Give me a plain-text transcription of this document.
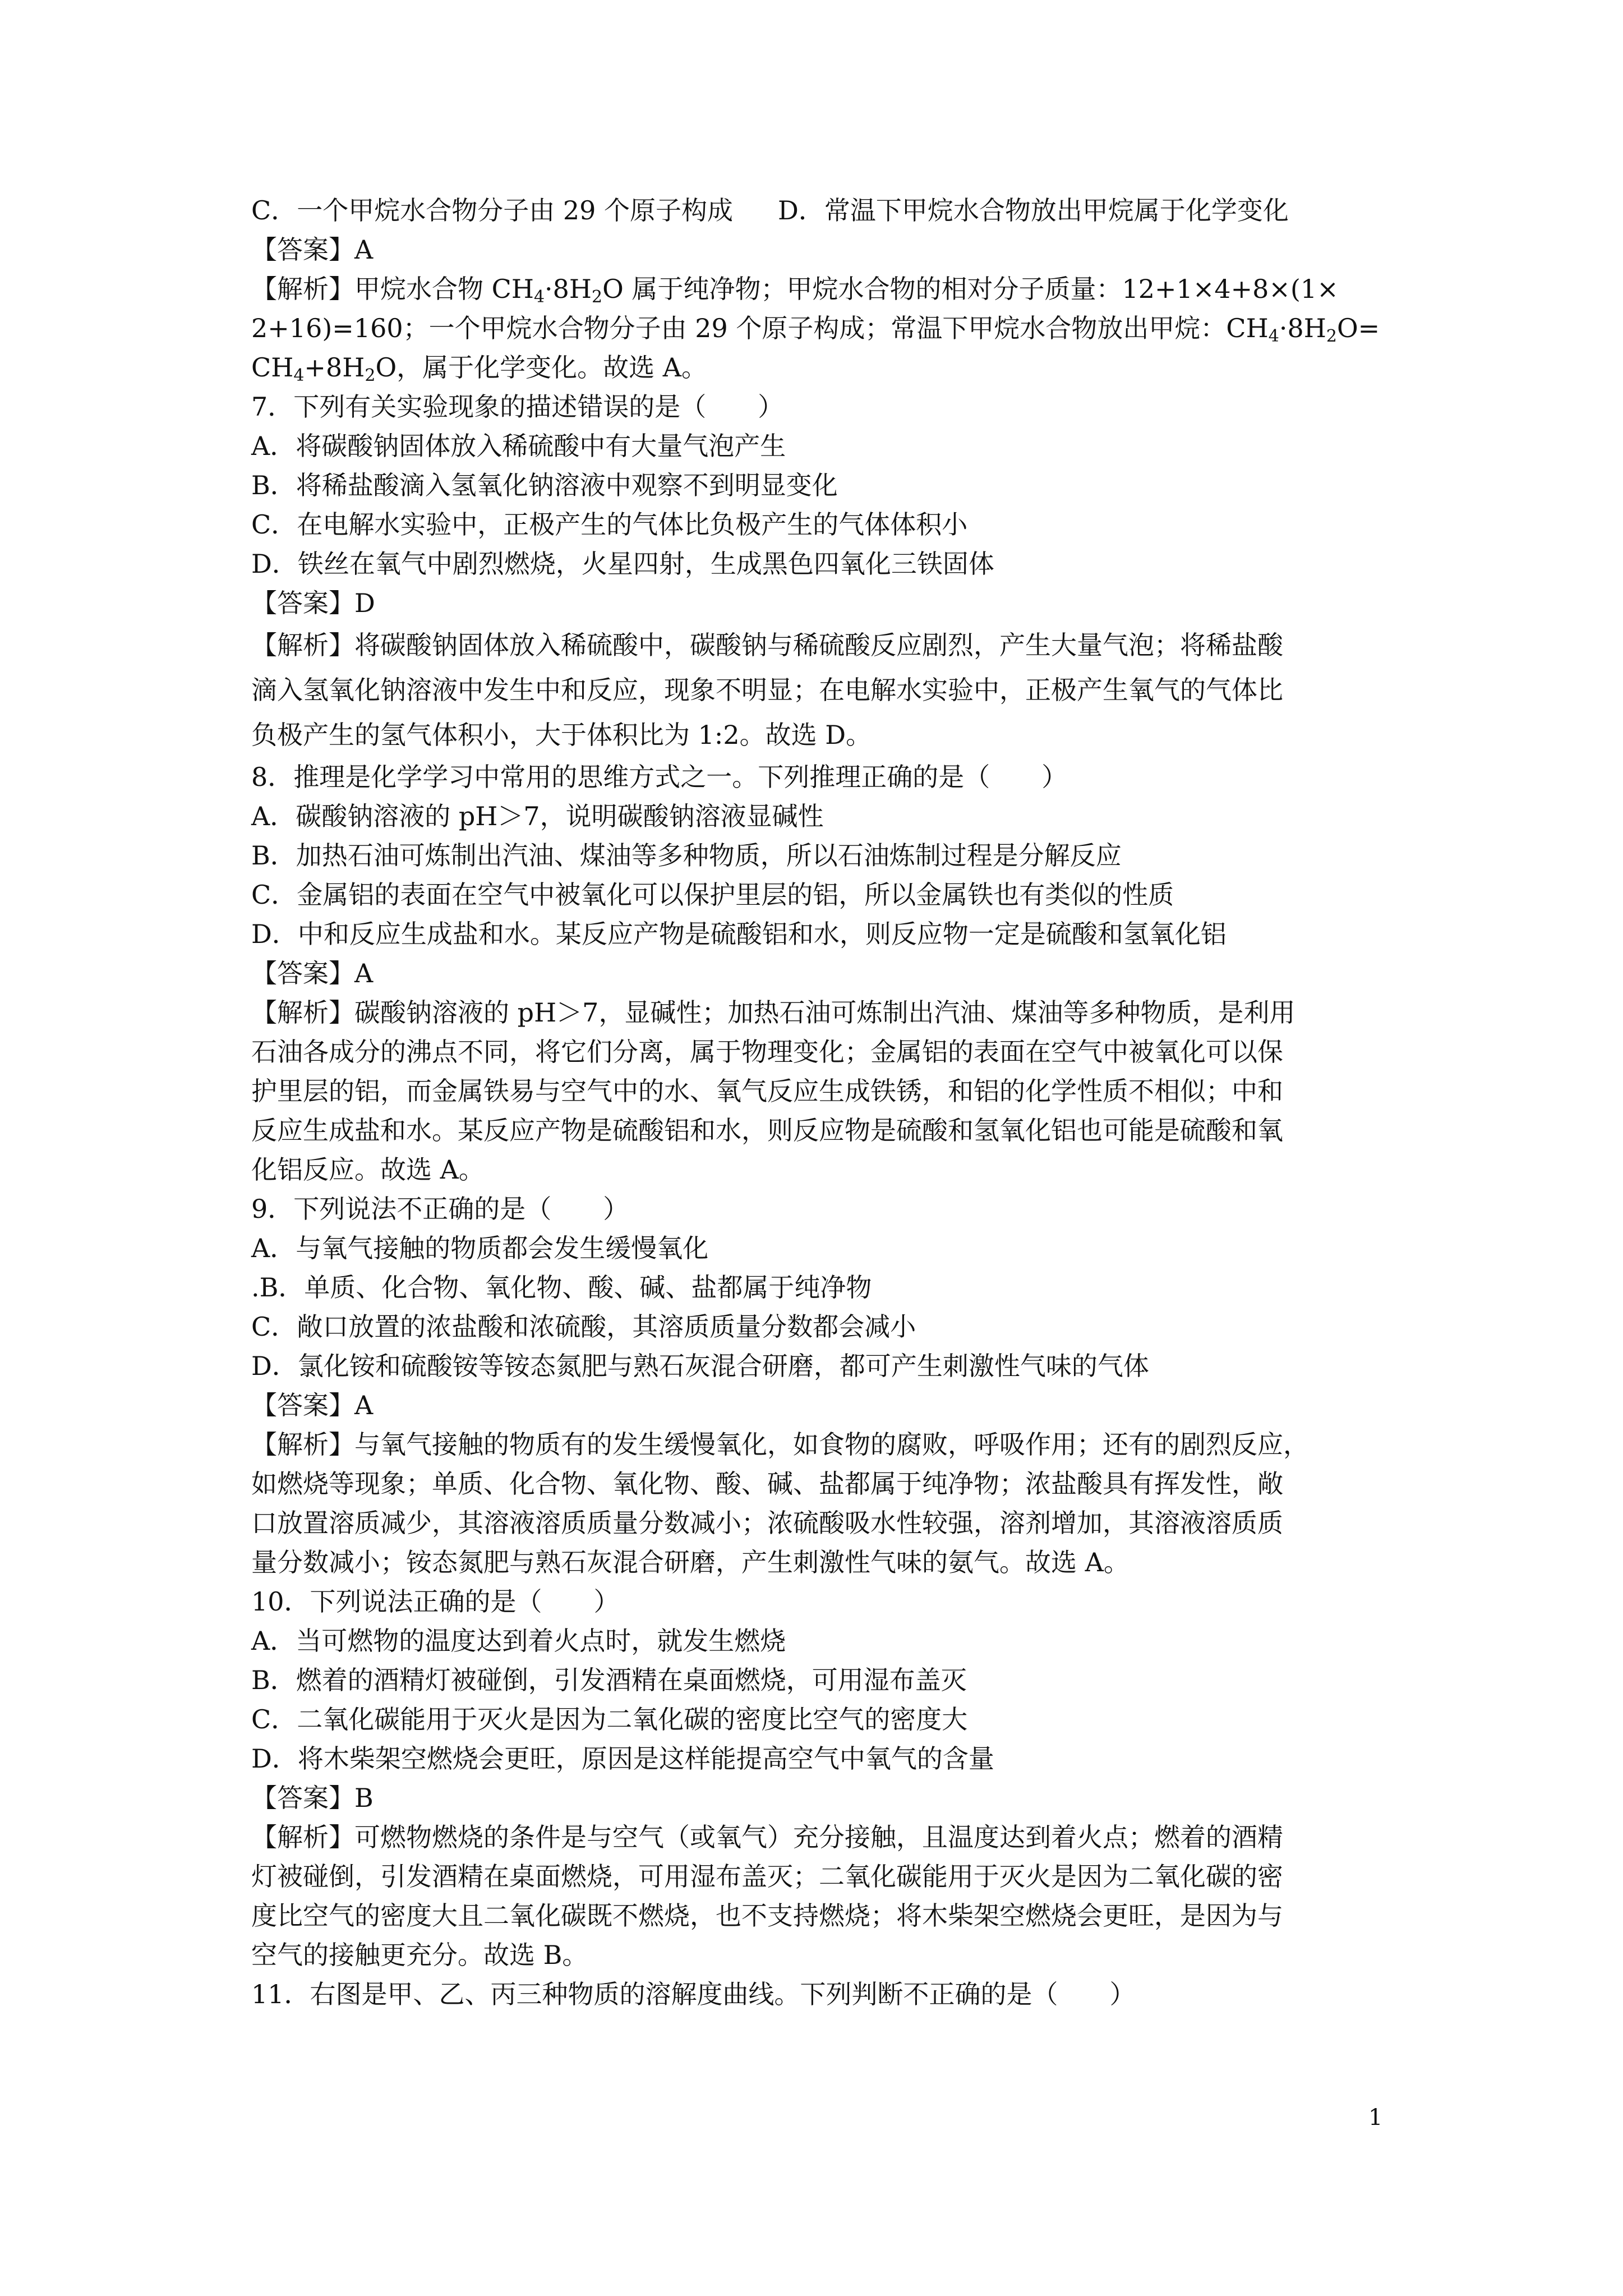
C．一个甲烷水合物分子由 29 个原子构成 D．常温下甲烷水合物放出甲烷属于化学变化
【答案】A
【解析】甲烷水合物 $CH_4\cdot 8H_2O$ 属于纯净物；甲烷水合物的相对分子质量：12+1×4+8×(1×
2+16)=160；一个甲烷水合物分子由 29 个原子构成；常温下甲烷水合物放出甲烷：$CH_4\cdot 8H_2O=$
$CH_4+8H_2O$，属于化学变化。故选 A。
7．下列有关实验现象的描述错误的是（　　）
A．将碳酸钠固体放入稀硫酸中有大量气泡产生
B．将稀盐酸滴入氢氧化钠溶液中观察不到明显变化
C．在电解水实验中，正极产生的气体比负极产生的气体体积小
D．铁丝在氧气中剧烈燃烧，火星四射，生成黑色四氧化三铁固体
【答案】D
【解析】将碳酸钠固体放入稀硫酸中，碳酸钠与稀硫酸反应剧烈，产生大量气泡；将稀盐酸
滴入氢氧化钠溶液中发生中和反应，现象不明显；在电解水实验中，正极产生氧气的气体比
负极产生的氢气体积小，大于体积比为 1:2。故选 D。
8．推理是化学学习中常用的思维方式之一。下列推理正确的是（　　）
A．碳酸钠溶液的 pH＞7，说明碳酸钠溶液显碱性
B．加热石油可炼制出汽油、煤油等多种物质，所以石油炼制过程是分解反应
C．金属铝的表面在空气中被氧化可以保护里层的铝，所以金属铁也有类似的性质
D．中和反应生成盐和水。某反应产物是硫酸铝和水，则反应物一定是硫酸和氢氧化铝
【答案】A
【解析】碳酸钠溶液的 pH＞7，显碱性；加热石油可炼制出汽油、煤油等多种物质，是利用
石油各成分的沸点不同，将它们分离，属于物理变化；金属铝的表面在空气中被氧化可以保
护里层的铝，而金属铁易与空气中的水、氧气反应生成铁锈，和铝的化学性质不相似；中和
反应生成盐和水。某反应产物是硫酸铝和水，则反应物是硫酸和氢氧化铝也可能是硫酸和氧
化铝反应。故选 A。
9．下列说法不正确的是（　　）
A．与氧气接触的物质都会发生缓慢氧化
.B．单质、化合物、氧化物、酸、碱、盐都属于纯净物
C．敞口放置的浓盐酸和浓硫酸，其溶质质量分数都会减小
D．氯化铵和硫酸铵等铵态氮肥与熟石灰混合研磨，都可产生刺激性气味的气体
【答案】A
【解析】与氧气接触的物质有的发生缓慢氧化，如食物的腐败，呼吸作用；还有的剧烈反应，
如燃烧等现象；单质、化合物、氧化物、酸、碱、盐都属于纯净物；浓盐酸具有挥发性，敞
口放置溶质减少，其溶液溶质质量分数减小；浓硫酸吸水性较强，溶剂增加，其溶液溶质质
量分数减小；铵态氮肥与熟石灰混合研磨，产生刺激性气味的氨气。故选 A。
10．下列说法正确的是（　　）
A．当可燃物的温度达到着火点时，就发生燃烧
B．燃着的酒精灯被碰倒，引发酒精在桌面燃烧，可用湿布盖灭
C．二氧化碳能用于灭火是因为二氧化碳的密度比空气的密度大
D．将木柴架空燃烧会更旺，原因是这样能提高空气中氧气的含量
【答案】B
【解析】可燃物燃烧的条件是与空气（或氧气）充分接触，且温度达到着火点；燃着的酒精
灯被碰倒，引发酒精在桌面燃烧，可用湿布盖灭；二氧化碳能用于灭火是因为二氧化碳的密
度比空气的密度大且二氧化碳既不燃烧，也不支持燃烧；将木柴架空燃烧会更旺，是因为与
空气的接触更充分。故选 B。
11．右图是甲、乙、丙三种物质的溶解度曲线。下列判断不正确的是（　　）
1
